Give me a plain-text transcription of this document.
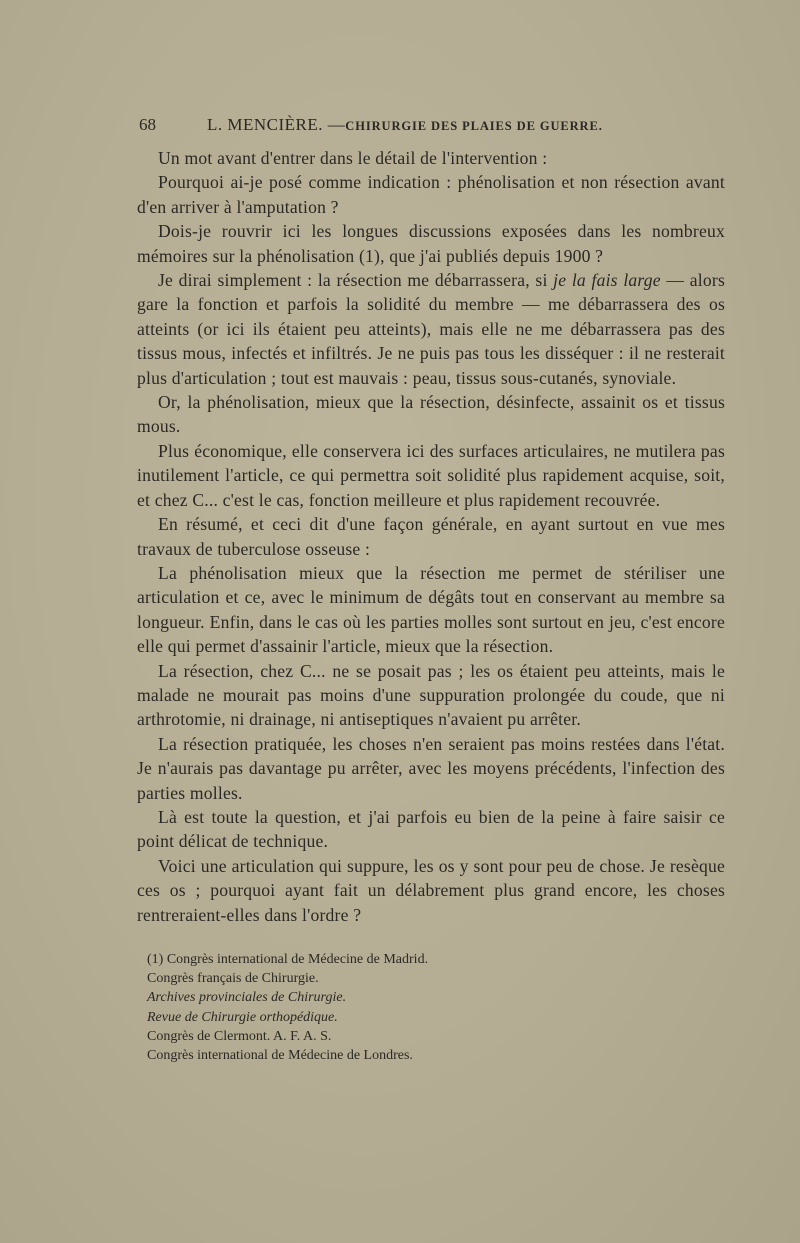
68	L. MENCIÈRE. — CHIRURGIE DES PLAIES DE GUERRE.

Un mot avant d'entrer dans le détail de l'intervention :

Pourquoi ai-je posé comme indication : phénolisation et non résection avant d'en arriver à l'amputation ?

Dois-je rouvrir ici les longues discussions exposées dans les nombreux mémoires sur la phénolisation (1), que j'ai publiés depuis 1900 ?

Je dirai simplement : la résection me débarrassera, si je la fais large — alors gare la fonction et parfois la solidité du membre — me débarrassera des os atteints (or ici ils étaient peu atteints), mais elle ne me débarrassera pas des tissus mous, infectés et infiltrés. Je ne puis pas tous les disséquer : il ne resterait plus d'articulation ; tout est mauvais : peau, tissus sous-cutanés, synoviale.

Or, la phénolisation, mieux que la résection, désinfecte, assainit os et tissus mous.

Plus économique, elle conservera ici des surfaces articulaires, ne mutilera pas inutilement l'article, ce qui permettra soit solidité plus rapidement acquise, soit, et chez C... c'est le cas, fonction meilleure et plus rapidement recouvrée.

En résumé, et ceci dit d'une façon générale, en ayant surtout en vue mes travaux de tuberculose osseuse :

La phénolisation mieux que la résection me permet de stériliser une articulation et ce, avec le minimum de dégâts tout en conservant au membre sa longueur. Enfin, dans le cas où les parties molles sont surtout en jeu, c'est encore elle qui permet d'assainir l'article, mieux que la résection.

La résection, chez C... ne se posait pas ; les os étaient peu atteints, mais le malade ne mourait pas moins d'une suppuration prolongée du coude, que ni arthrotomie, ni drainage, ni antiseptiques n'avaient pu arrêter.

La résection pratiquée, les choses n'en seraient pas moins restées dans l'état. Je n'aurais pas davantage pu arrêter, avec les moyens précédents, l'infection des parties molles.

Là est toute la question, et j'ai parfois eu bien de la peine à faire saisir ce point délicat de technique.

Voici une articulation qui suppure, les os y sont pour peu de chose. Je resèque ces os ; pourquoi ayant fait un délabrement plus grand encore, les choses rentreraient-elles dans l'ordre ?

(1) Congrès international de Médecine de Madrid.

Congrès français de Chirurgie.

Archives provinciales de Chirurgie.

Revue de Chirurgie orthopédique.

Congrès de Clermont. A. F. A. S.

Congrès international de Médecine de Londres.
